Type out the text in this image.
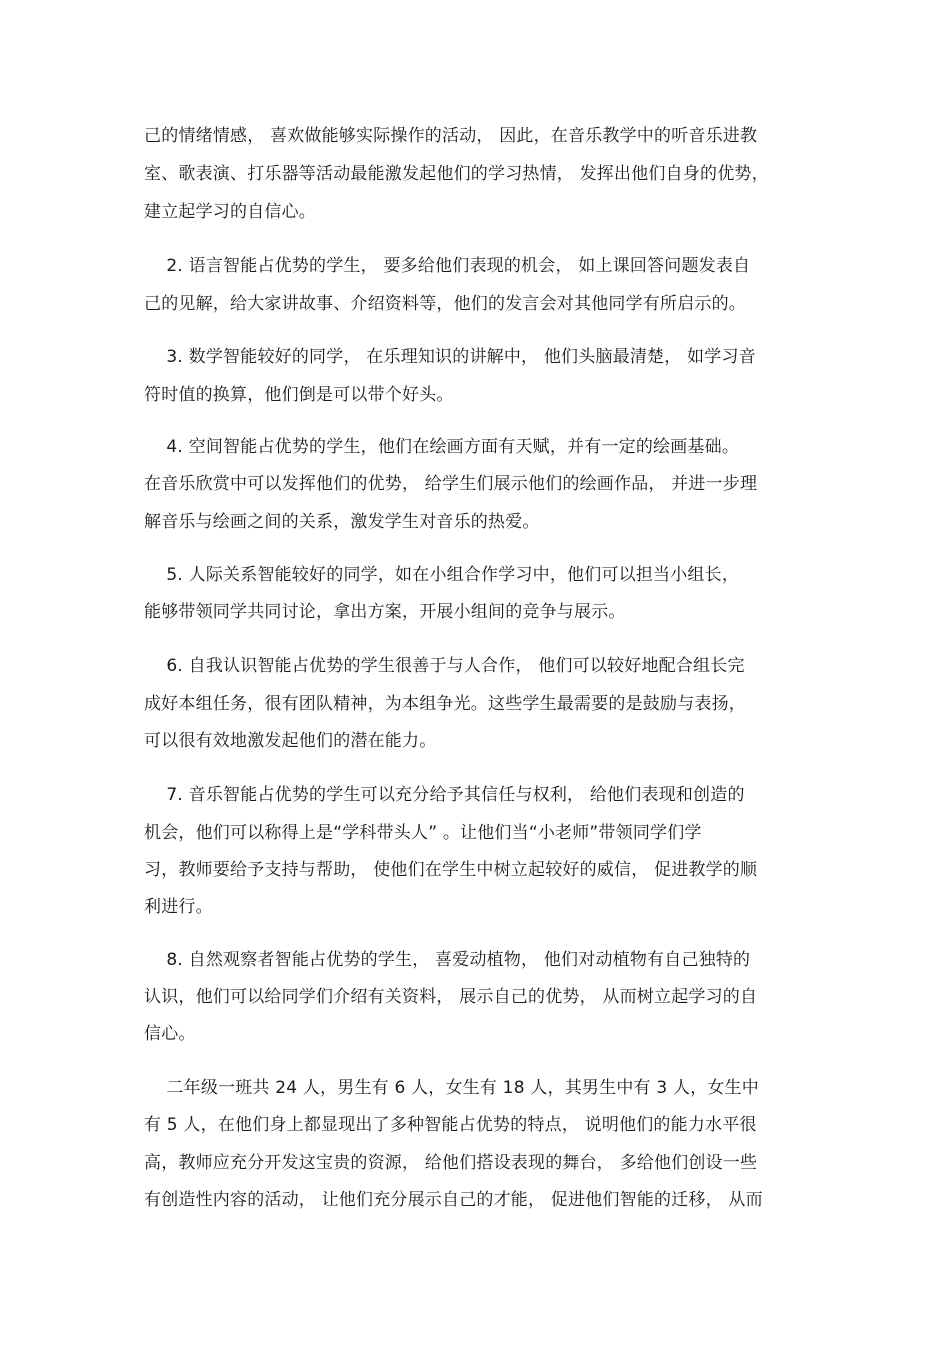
己的情绪情感， 喜欢做能够实际操作的活动， 因此，在音乐教学中的听音乐进教
室、歌表演、打乐器等活动最能激发起他们的学习热情， 发挥出他们自身的优势，
建立起学习的自信心。
2. 语言智能占优势的学生， 要多给他们表现的机会， 如上课回答问题发表自
己的见解，给大家讲故事、介绍资料等，他们的发言会对其他同学有所启示的。
3. 数学智能较好的同学， 在乐理知识的讲解中， 他们头脑最清楚， 如学习音
符时值的换算，他们倒是可以带个好头。
4. 空间智能占优势的学生，他们在绘画方面有天赋，并有一定的绘画基础。
在音乐欣赏中可以发挥他们的优势， 给学生们展示他们的绘画作品， 并进一步理
解音乐与绘画之间的关系，激发学生对音乐的热爱。
5. 人际关系智能较好的同学，如在小组合作学习中，他们可以担当小组长，
能够带领同学共同讨论，拿出方案，开展小组间的竞争与展示。
6. 自我认识智能占优势的学生很善于与人合作， 他们可以较好地配合组长完
成好本组任务，很有团队精神，为本组争光。这些学生最需要的是鼓励与表扬，
可以很有效地激发起他们的潜在能力。
7. 音乐智能占优势的学生可以充分给予其信任与权利， 给他们表现和创造的
机会，他们可以称得上是“学科带头人” 。让他们当“小老师”带领同学们学
习，教师要给予支持与帮助， 使他们在学生中树立起较好的威信， 促进教学的顺
利进行。
8. 自然观察者智能占优势的学生， 喜爱动植物， 他们对动植物有自己独特的
认识，他们可以给同学们介绍有关资料， 展示自己的优势， 从而树立起学习的自
信心。
二年级一班共 24 人，男生有 6 人，女生有 18 人，其男生中有 3 人，女生中
有 5 人，在他们身上都显现出了多种智能占优势的特点， 说明他们的能力水平很
高，教师应充分开发这宝贵的资源， 给他们搭设表现的舞台， 多给他们创设一些
有创造性内容的活动， 让他们充分展示自己的才能， 促进他们智能的迁移， 从而
